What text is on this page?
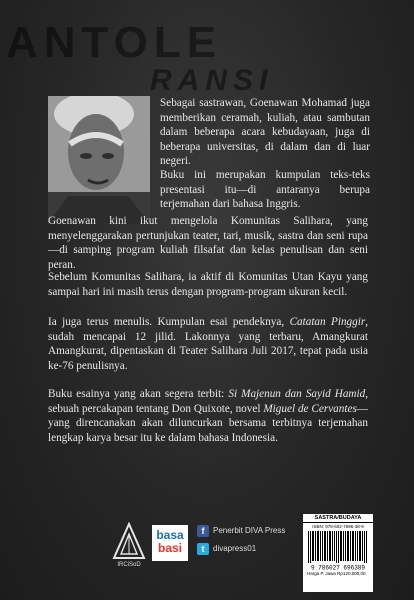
ANTOLE
RANSI

Sebagai sastrawan, Goenawan Mohamad juga memberikan ceramah, kuliah, atau sambutan dalam beberapa acara kebudayaan, juga di beberapa universitas, di dalam dan di luar negeri.

Buku ini merupakan kumpulan teks-teks presentasi itu—di antaranya berupa terjemahan dari bahasa Inggris.

Goenawan kini ikut mengelola Komunitas Salihara, yang menyelenggarakan pertunjukan teater, tari, musik, sastra dan seni rupa—di samping program kuliah filsafat dan kelas penulisan dan seni peran.

Sebelum Komunitas Salihara, ia aktif di Komunitas Utan Kayu yang sampai hari ini masih terus dengan program-program ukuran kecil.

Ia juga terus menulis. Kumpulan esai pendeknya, Catatan Pinggir, sudah mencapai 12 jilid. Lakonnya yang terbaru, Amangkurat Amangkurat, dipentaskan di Teater Salihara Juli 2017, tepat pada usia ke-76 penulisnya.

Buku esainya yang akan segera terbit: Si Majenun dan Sayid Hamid, sebuah percakapan tentang Don Quixote, novel Miguel de Cervantes—yang direncanakan akan diluncurkan bersama terbitnya terjemahan lengkap karya besar itu ke dalam bahasa Indonesia.

IRCiSoD
basa
basi
f Penerbit DIVA Press
t divapress01
SASTRA/BUDAYA
ISBN: 978-602-7696-38-9
9 786027 696389
Harga P. Jawa Rp120.000,00
